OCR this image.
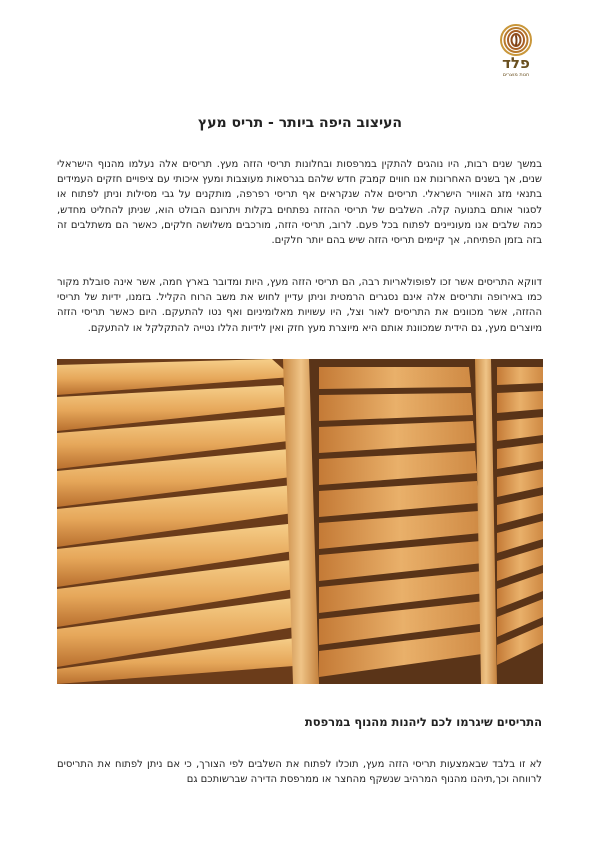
פלד
חנות מוצרים
העיצוב היפה ביותר - תריס מעץ

במשך שנים רבות, היו נוהגים להתקין במרפסות ובחלונות תריסי הזזה מעץ. תריסים אלה נעלמו מהנוף הישראלי שנים, אך בשנים האחרונות אנו חווים קמבק חדש שלהם בגרסאות מעוצבות ומעץ איכותי עם ציפויים חזקים העמידים בתנאי מזג האוויר הישראלי. תריסים אלה שנקראים אף תריסי רפרפה, מותקנים על גבי מסילות וניתן לפתוח או לסגור אותם בתנועה קלה. השלבים של תריסי ההזזה נפתחים בקלות ויתרונם הבולט הוא, שניתן להחליט מחדש, כמה שלבים אנו מעוניינים לפתוח בכל פעם. לרוב, תריסי הזזה, מורכבים משלושה חלקים, כאשר הם משתלבים זה בזה בזמן הפתיחה, אך קיימים תריסי הזזה שיש בהם יותר חלקים.

דווקא התריסים אשר זכו לפופולאריות רבה, הם תריסי הזזה מעץ, היות ומדובר בארץ חמה, אשר אינה סובלת מקור כמו באירופה ותריסים אלה אינם נסגרים הרמטית וניתן עדיין לחוש את משב הרוח הקליל. בזמנו, ידיות של תריסי ההזזה, אשר מכוונים את התריסים לאור וצל, היו עשויות מאלומיניום ואף נטו להתעקם. היום כאשר תריסי הזזה מיוצרים מעץ, גם הידית שמכוונת אותם היא מיוצרת מעץ חזק ואין לידיות הללו נטייה להתקלקל או להתעקם.

התריסים שיגרמו לכם ליהנות מהנוף במרפסת

לא זו בלבד שבאמצעות תריסי הזזה מעץ, תוכלו לפתוח את השלבים לפי הצורך, כי אם ניתן לפתוח את התריסים לרווחה וכך,תיהנו מהנוף המרהיב שנשקף מהחצר או ממרפסת הדירה שברשותכם גם
